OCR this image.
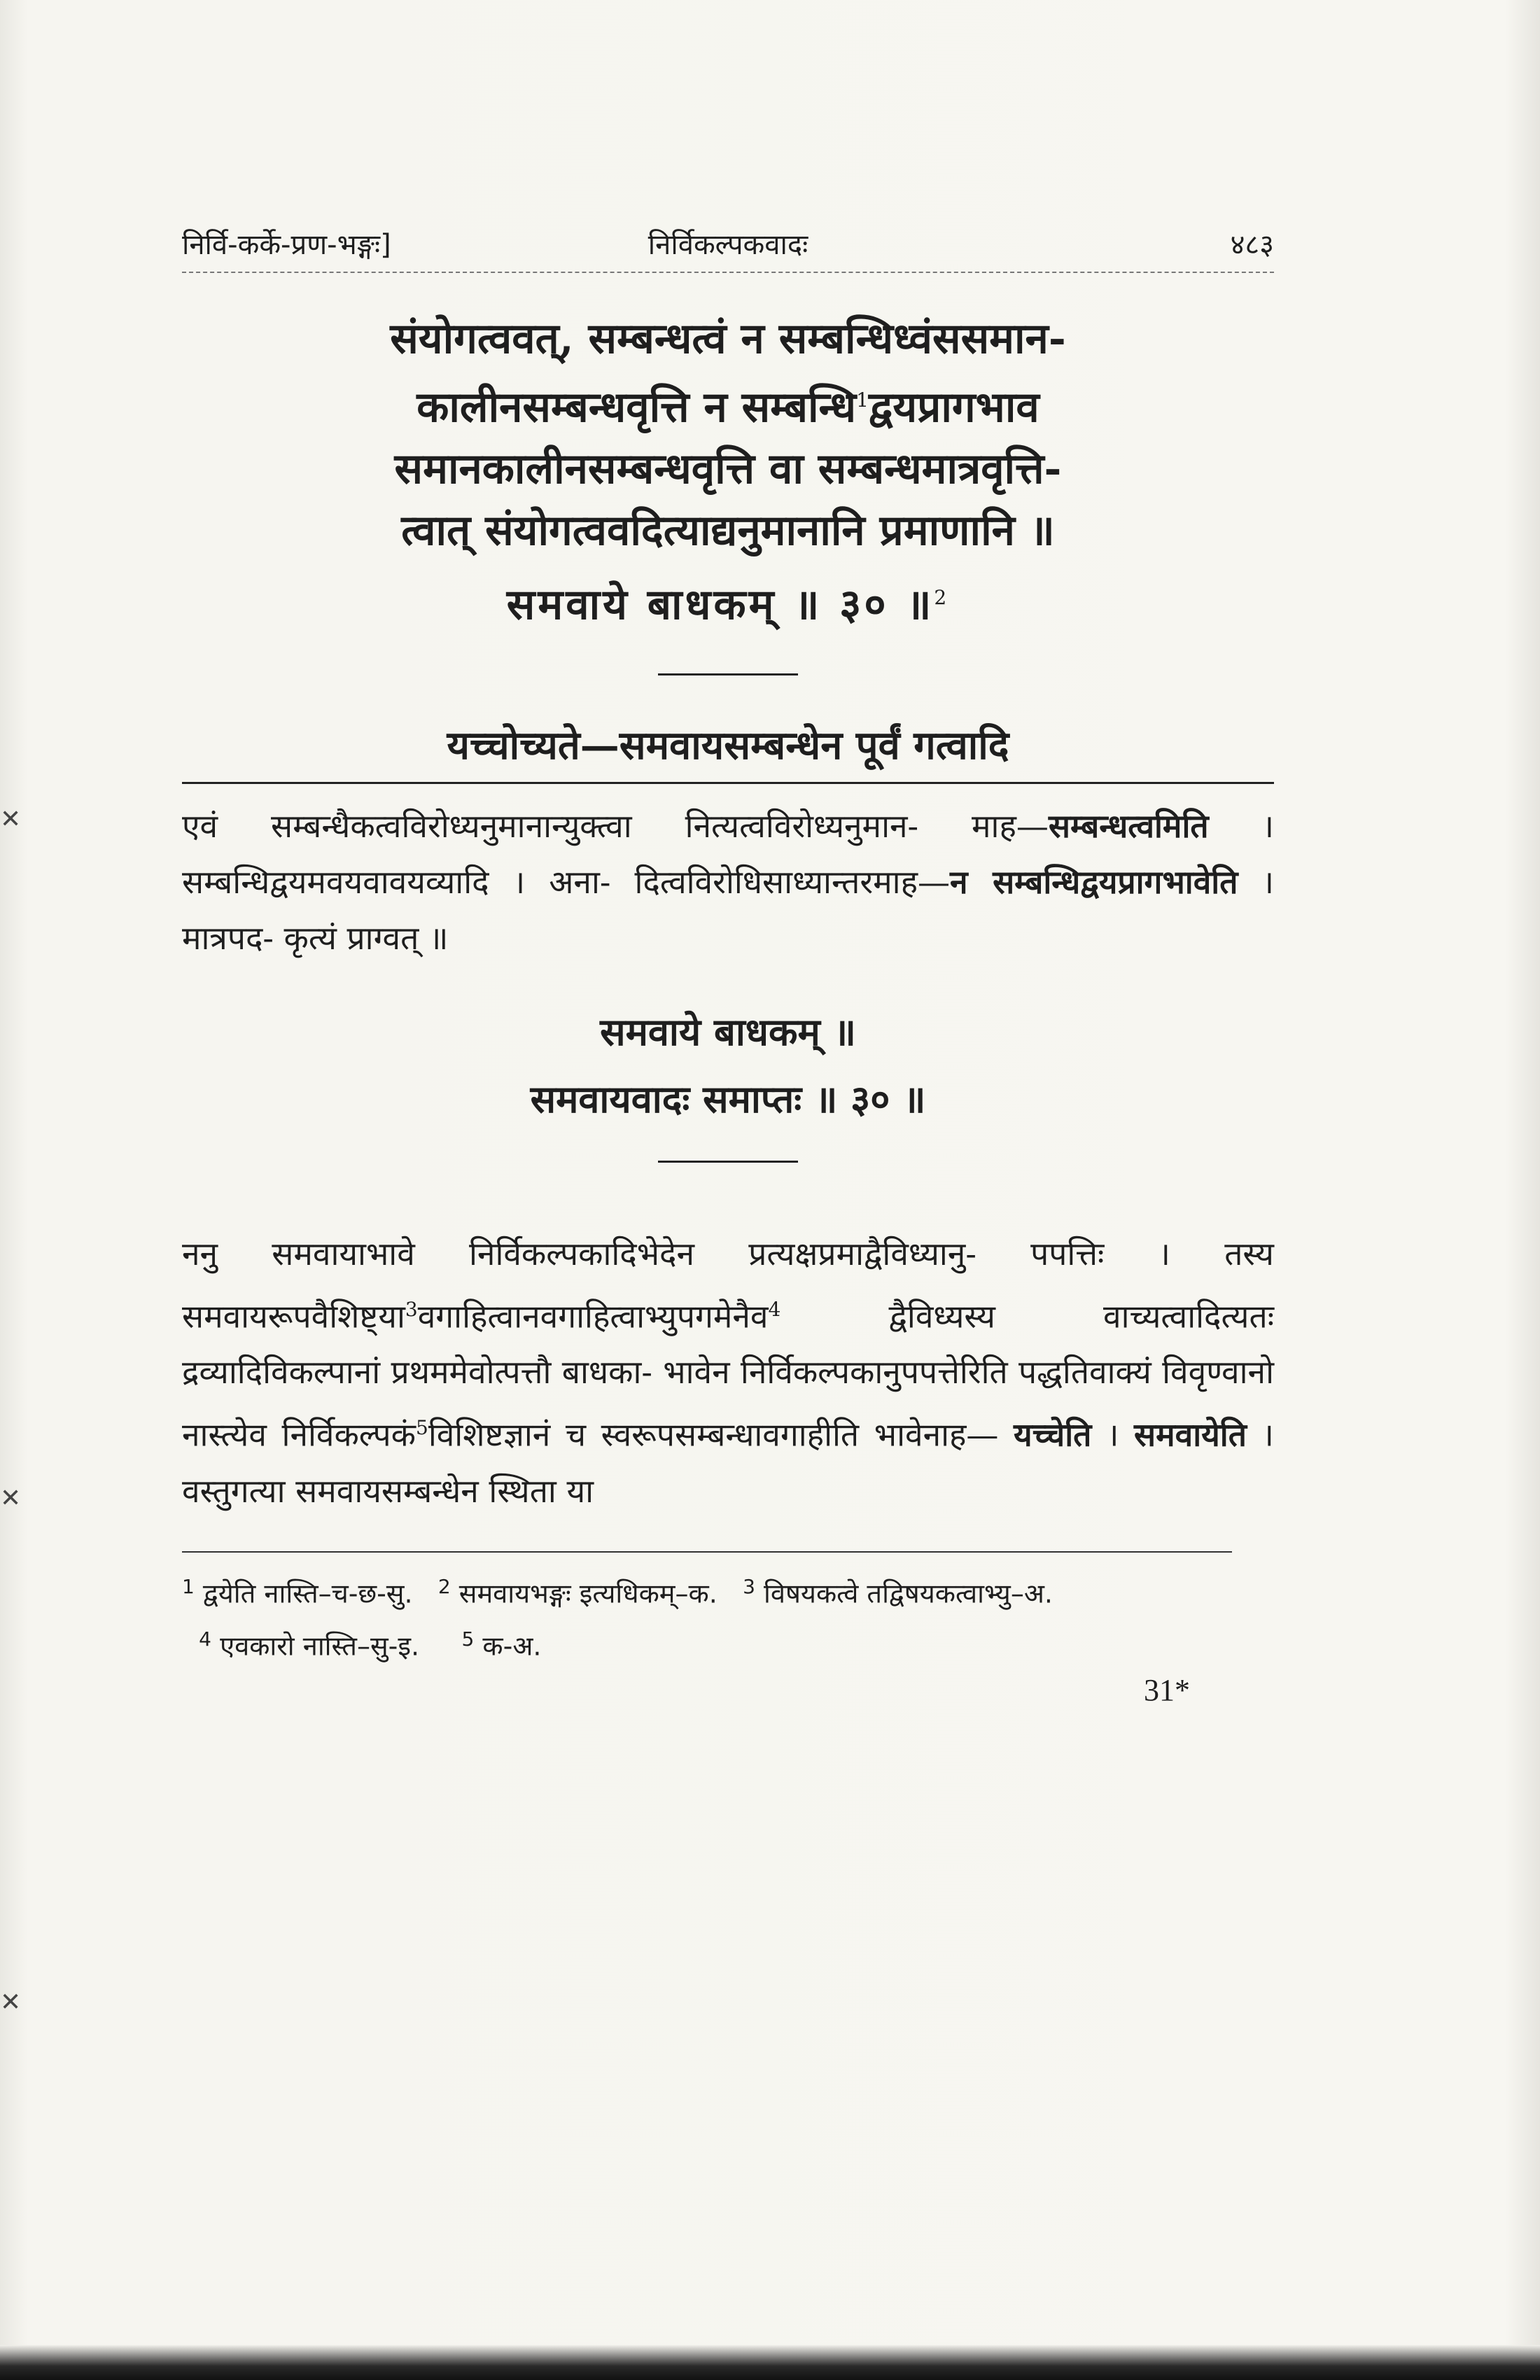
✕
✕
✕
निर्वि-कर्के-प्रण-भङ्गः]	निर्विकल्पकवादः	४८३
संयोगत्ववत्, सम्बन्धत्वं न सम्बन्धिध्वंससमान-
कालीनसम्बन्धवृत्ति न सम्बन्धि$^1$द्वयप्रागभाव
समानकालीनसम्बन्धवृत्ति वा सम्बन्धमात्रवृत्ति-
त्वात् संयोगत्ववदित्याद्यनुमानानि प्रमाणानि ॥
समवाये बाधकम् ॥ ३० ॥$^2$
यच्चोच्यते—समवायसम्बन्धेन पूर्वं गत्वादि

एवं सम्बन्धैकत्वविरोध्यनुमानान्युक्त्वा नित्यत्वविरोध्यनुमान- माह—सम्बन्धत्वमिति । सम्बन्धिद्वयमवयवावयव्यादि । अना- दित्वविरोधिसाध्यान्तरमाह—न सम्बन्धिद्वयप्रागभावेति । मात्रपद- कृत्यं प्राग्वत् ॥

समवाये बाधकम् ॥
समवायवादः समाप्तः ॥ ३० ॥

ननु समवायाभावे निर्विकल्पकादिभेदेन प्रत्यक्षप्रमाद्वैविध्यानु- पपत्तिः । तस्य समवायरूपवैशिष्ट्या$^3$वगाहित्वानवगाहित्वाभ्युपगमेनैव$^4$	द्वैविध्यस्य वाच्यत्वादित्यतः द्रव्यादिविकल्पानां प्रथममेवोत्पत्तौ बाधका- भावेन निर्विकल्पकानुपपत्तेरिति पद्धतिवाक्यं विवृण्वानो नास्त्येव निर्विकल्पकं$^5$विशिष्टज्ञानं च स्वरूपसम्बन्धावगाहीति भावेनाह— यच्चेति । समवायेति । वस्तुगत्या समवायसम्बन्धेन स्थिता या

$^1$ द्वयेति नास्ति–च-छ-सु. $^2$ समवायभङ्गः इत्यधिकम्–क. $^3$ विषयकत्वे तद्विषयकत्वाभ्यु–अ.
$^4$ एवकारो नास्ति–सु-इ. $^5$ क-अ.
31*
